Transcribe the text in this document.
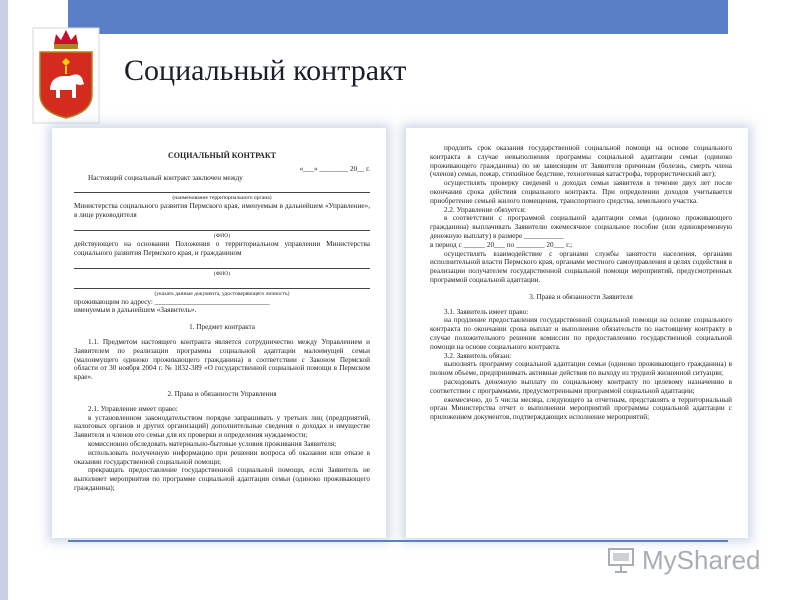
Социальный контракт
СОЦИАЛЬНЫЙ КОНТРАКТ
«___» ________ 20__ г.

Настоящий социальный контракт заключен между

(наименование территориального органа)

Министерства социального развития Пермского края, именуемым в дальнейшем «Управление», в лице руководителя

(ФИО)

действующего на основании Положения о территориальном управлении Министерства социального развития Пермского края, и гражданином

(ФИО)
(указать данные документа, удостоверяющего личность)

проживающим по адресу: ________________________________

именуемым в дальнейшем «Заявитель».

1. Предмет контракта

1.1. Предметом настоящего контракта является сотрудничество между Управлением и Заявителем по реализации программы социальной адаптации малоимущей семьи (малоимущего одиноко проживающего гражданина) в соответствии с Законом Пермской области от 30 ноября 2004 г. № 1832-389 «О государственной социальной помощи в Пермском крае».

2. Права и обязанности Управления

2.1. Управление имеет право:

в установленном законодательством порядке запрашивать у третьих лиц (предприятий, налоговых органов и других организаций) дополнительные сведения о доходах и имуществе Заявителя и членов его семьи для их проверки и определения нуждаемости;

комиссионно обследовать материально-бытовые условия проживания Заявителя;

использовать полученную информацию при решении вопроса об оказании или отказе в оказании государственной социальной помощи;

прекращать предоставление государственной социальной помощи, если Заявитель не выполняет мероприятия по программе социальной адаптации семьи (одиноко проживающего гражданина);

продлить срок оказания государственной социальной помощи на основе социального контракта в случае невыполнения программы социальной адаптации семьи (одиноко проживающего гражданина) по не зависящим от Заявителя причинам (болезнь, смерть члена (членов) семьи, пожар, стихийное бедствие, техногенная катастрофа, террористический акт);

осуществлять проверку сведений о доходах семьи заявителя в течение двух лет после окончания срока действия социального контракта. При определении доходов учитывается приобретение семьей жилого помещения, транспортного средства, земельного участка.

2.2. Управление обязуется:

в соответствии с программой социальной адаптации семьи (одиноко проживающего гражданина) выплачивать Заявителю ежемесячное социальное пособие (или единовременную денежную выплату) в размере ___________

в период с ______ 20___ по ________ 20___ г.;

осуществлять взаимодействие с органами службы занятости населения, органами исполнительной власти Пермского края, органами местного самоуправления в целях содействия в реализации получателем государственной социальной помощи мероприятий, предусмотренных программой социальной адаптации.

3. Права и обязанности Заявителя

3.1. Заявитель имеет право:

на продление предоставления государственной социальной помощи на основе социального контракта по окончании срока выплат и выполнения обязательств по настоящему контракту в случае положительного решения комиссии по предоставлению государственной социальной помощи на основе социального контракта.

3.2. Заявитель обязан:

выполнять программу социальной адаптации семьи (одиноко проживающего гражданина) в полном объеме, предпринимать активные действия по выходу из трудной жизненной ситуации;

расходовать денежную выплату по социальному контракту по целевому назначению в соответствии с программами, предусмотренными программой социальной адаптации;

ежемесячно, до 5 числа месяца, следующего за отчетным, представлять в территориальный орган Министерства отчет о выполнении мероприятий программы социальной адаптации с приложением документов, подтверждающих исполнение мероприятий;

MyShared
